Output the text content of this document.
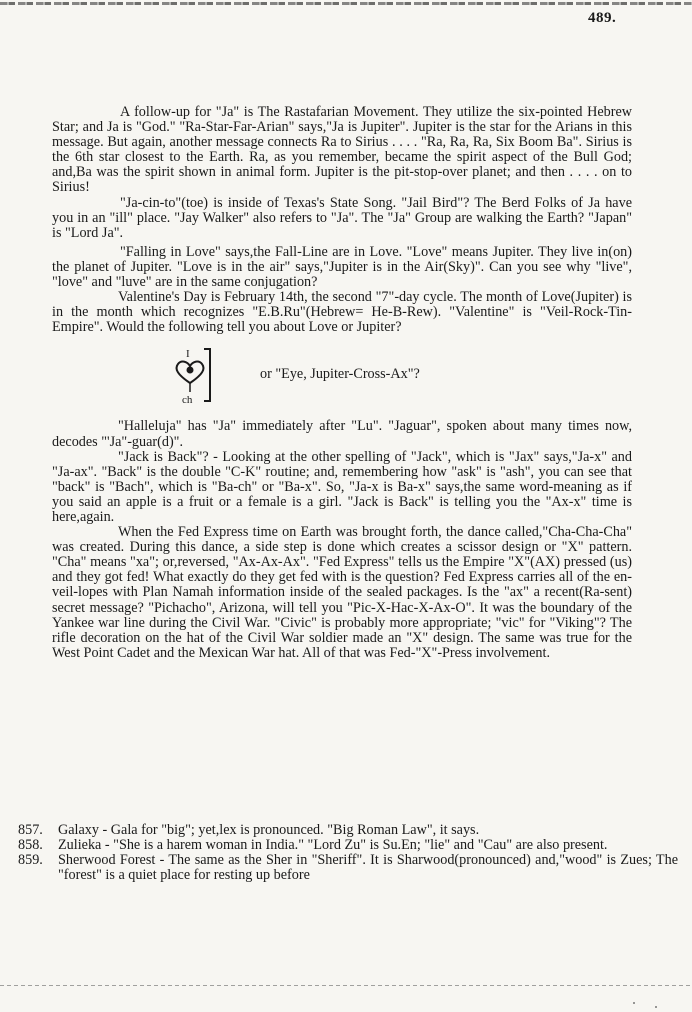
489.

A follow-up for "Ja" is The Rastafarian Movement. They utilize the six-pointed Hebrew Star; and Ja is "God." "Ra-Star-Far-Arian" says,"Ja is Jupiter". Jupiter is the star for the Arians in this message. But again, another message connects Ra to Sirius . . . . "Ra, Ra, Ra, Six Boom Ba". Sirius is the 6th star closest to the Earth. Ra, as you remember, became the spirit aspect of the Bull God; and,Ba was the spirit shown in animal form. Jupiter is the pit-stop-over planet; and then . . . . on to Sirius!

"Ja-cin-to"(toe) is inside of Texas's State Song. "Jail Bird"? The Berd Folks of Ja have you in an "ill" place. "Jay Walker" also refers to "Ja". The "Ja" Group are walking the Earth? "Japan" is "Lord Ja".

"Falling in Love" says,the Fall-Line are in Love. "Love" means Jupiter. They live in(on) the planet of Jupiter. "Love is in the air" says,"Jupiter is in the Air(Sky)". Can you see why "live", "love" and "luve" are in the same conjugation?

Valentine's Day is February 14th, the second "7"-day cycle. The month of Love(Jupiter) is in the month which recognizes "E.B.Ru"(Hebrew= He-B-Rew). "Valentine" is "Veil-Rock-Tin-Empire". Would the following tell you about Love or Jupiter?

I
ch
or "Eye, Jupiter-Cross-Ax"?

"Halleluja" has "Ja" immediately after "Lu". "Jaguar", spoken about many times now, decodes "'Ja"-guar(d)".

"Jack is Back"? - Looking at the other spelling of "Jack", which is "Jax" says,"Ja-x" and "Ja-ax". "Back" is the double "C-K" routine; and, remembering how "ask" is "ash", you can see that "back" is "Bach", which is "Ba-ch" or "Ba-x". So, "Ja-x is Ba-x" says,the same word-meaning as if you said an apple is a fruit or a female is a girl. "Jack is Back" is telling you the "Ax-x" time is here,again.

When the Fed Express time on Earth was brought forth, the dance called,"Cha-Cha-Cha" was created. During this dance, a side step is done which creates a scissor design or "X" pattern. "Cha" means "xa"; or,reversed, "Ax-Ax-Ax". "Fed Express" tells us the Empire "X"(AX) pressed (us) and they got fed! What exactly do they get fed with is the question? Fed Express carries all of the en-veil-lopes with Plan Namah information inside of the sealed packages. Is the "ax" a recent(Ra-sent) secret message? "Pichacho", Arizona, will tell you "Pic-X-Hac-X-Ax-O". It was the boundary of the Yankee war line during the Civil War. "Civic" is probably more appropriate; "vic" for "Viking"? The rifle decoration on the hat of the Civil War soldier made an "X" design. The same was true for the West Point Cadet and the Mexican War hat. All of that was Fed-"X"-Press involvement.

857.	Galaxy - Gala for "big"; yet,lex is pronounced. "Big Roman Law", it says.
858.	Zulieka - "She is a harem woman in India." "Lord Zu" is Su.En; "lie" and "Cau" are also present.
859.	Sherwood Forest - The same as the Sher in "Sheriff". It is Sharwood(pronounced) and,"wood" is Zues; The "forest" is a quiet place for resting up before
